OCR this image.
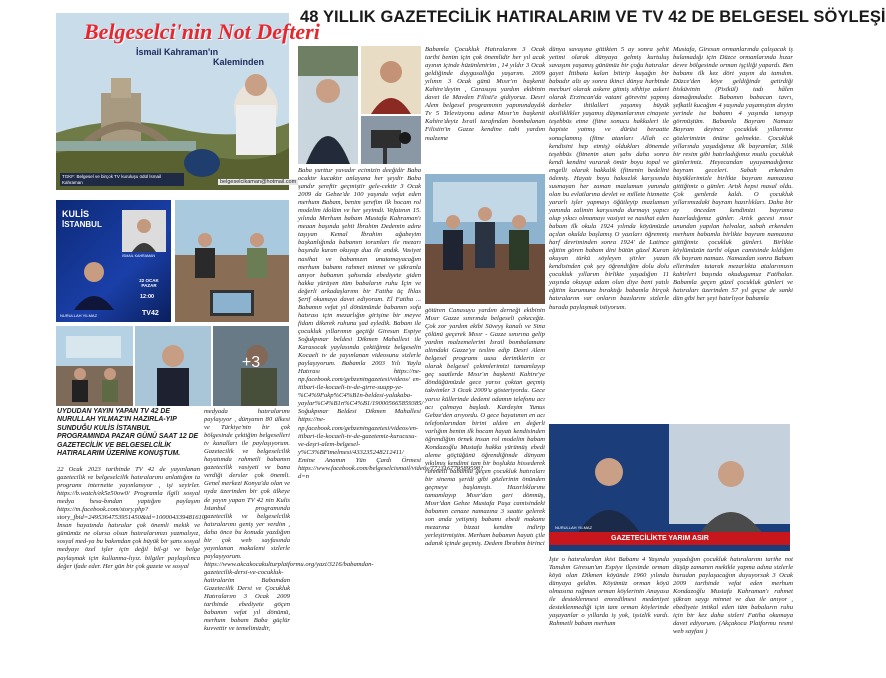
48 YILLIK GAZETECİLİK HATIRALARIM VE TV 42 DE BELGESEL SÖYLEŞİ
Belgeselci'nin Not Defteri
İsmail Kahraman'ın
Kaleminden
TGKF: Belgesel ve birçok TV kuruluşu ödül İsmail Kahraman	belgeselcikaman@hotmail.com
KULİS
İSTANBUL
İSMAİL KAHRAMAN
22 OCAK PAZAR
12:00
NURULLAH YILMAZ	TV42
+3
NURULLAH YILMAZ
GAZETECİLİKTE YARIM ASIR
UYDUDAN YAYIN YAPAN TV 42 DE NURULLAH YILMAZ'IN HAZIRLA-YIP SUNDUĞU KULİS İSTANBUL PROGRAMINDA PAZAR GÜNÜ SAAT 12 DE GAZETECİLİK VE BELGESELCİLİK HATIRALARIM ÜZERİNE KONUŞTUM.

22 Ocak 2023 tarihinde TV 42 de yayınlanan gazetecilik ve belgeselcilik hatıralarımı anlattığım ta programı internette yayınlanıyor , işi seyirler. https://b.watch/ek5e50ow0/ Programla ilgili sosyal medya hesa-bından yaptığım paylaşım https://m.facebook.com/story.php?story_fbid=2495364753951450&id=100004339481610 İnsan hayatında hatıralar çok önemli mekik ve günümüz ne olursa olsun hatıralarımızı yazmalıyız, sosyal med-ya bu bakımdan çok büyük bir şans sosyal medyayı özel işler için değil bil-gi ve belge paylaşmak için kullanma-lıyız. bilgiler paylaşılınca değer ifade eder. Her gün bir çok gazete ve sosyal

medyada hatıralarımı paylaşıyor , dünyanın 80 ülkesi ve Türkiye'nin bir çok bölgesinde çektiğim belgeselleri tv kanalları ile paylaşıyorum. Gazetecilik ve belgeselcilik hayatımda rahmetli babamın gazetecilik vasiyeti ve bana verdiği dersler çok önemli. Genel merkezi Konya'da olan ve uyda üzerinden bir çok ülkeye de yayın yapan TV 42 nin Kulis İstanbul programında gazetecilik ve belgeselcilik hatıralarımı geniş yer verdim , daha önce bu konuda yazdığım bir çok web sayfasında yayınlanan makalemi sizlerle paylaşıyorum. https://www.akcakocakulturplatformu.org/yazi/3216/babamdan-gazetecilik-dersi-ve-cocukluk-hatiralarim Babamdan Gazetecilik Dersi ve Çocukluk Hatıralarım 3 Ocak 2009 tarihinde ebediyete göçen babamın vefat yıl dönümü, merhum babam Baba güçlür kuvvettir ve temelimizdir,

Baba yurttur yuvadır ecimizin deeğidir Baba ocaktır kucaktır anlayana her şeydir Baba şandır şereftir geçmiştir gele-cektir 3 Ocak 2009 da Gebze'de 100 yaşında vefat eden merhum Babam, benim şerefim ilk hocam rol modelim idolüm ve her şeyimdi. Vefatının 15. yılında Merhum babam Mustafa Kahraman'ı meaan başında şehit İbrahim Dedemin adını taşıyan Kemal İbrahim ağabeyim başkanlığında babamın torunları ile mezarı başında kuran okuyup dua ile andık. Vasiyet nasihat ve babamızın unutamayacağım merhum babamı rahmet minnet ve şükranla anıyor babamın şahsında ebediyete giden hakka yürüyen tüm babaların ruhu İçin ve değerli arkadaşlarımı bir Fatiha üç İhlas Şerif okumaya davet ediyorum. El Fatiha ... Babamın vefat yıl dönümünde babamın sofa hatırası için mezarlığın girişine bir meyve fidanı dikerek ruhunu şad eyledik. Babam ile çocukluk yıllarımın geçtiği Giresun Espiye Soğukpınar beldesi Dikmen Mahallesi ile Karasocak yaylasında çektiğimiz belgeselin Kocaeli tv de yayınlanan videosunu sizlerle paylaşıyorum. Babamla 2003 Yılı Yayla Hatırası https://ne-np.facebook.com/gebzeningazetesi/videos/ en-itibari-ile-kocaeli-tv-de-girre-suupp-ye-%C4%9Fukp%C4%B1n-beldesi-yalakaba-yaylar%C4%B1n%C4%B1/190005665859385/ Soğukpınar Beldesi Dikmen Mahallesi https://ne-np.facebook.com/gebzeningazetesi/videos/en-itibari-ile-kocaeli-tv-de-gazetemiz-kurucusu-ve-deşri-alem-belgesel-y%C3%BFtmelmesi/433235248212411/ Emine Anamın Yün Çardı Örmesi https://www.facebook.com/belgeselcismail/videos/772316779589598?d=n

Babamla Çocukluk Hatıralarım 3 Ocak tarihi benim için çok önemlidir her yıl acak ayının içinde hüzünlenirim , 14 yıldır 3 Ocak geldiğinde duygusallığa yaşarım. 2009 yılının 3 Ocak günü Mısır'ın başkenti Kahire'deyim , Carasuyu yardım ekibinin davet ile Mavden Filisti'e gidiyoruz. Desri Alem belgesel programının yapımındaydık Tv 5 Televizyonu adına Mısır'ın başkenti Kahire'deyiz İsrail tarafından bombalanan Filistin'in Gazze kendine tabi yardım malzeme

götüren Canasuyu yardım derneği ekibinin Mısır Gazze sınırında belgeseli çekeceğiz. Çok zor yardım ekibi Süveyş kanalı ve Sina çölünü geçerek Mısır - Gazze sınırına gelip yardım malzemelerini İsrail bombalamanı altındaki Gazze'ye teslim edip Desri Alem belgesel programı uusu deriniklerin cı olarak belgesel çekimlerimizi tamamlayıp geç saatlerde Mısır'ın başkenti Kahire'ye döndüğümüzde gece yarısı çoktan geçmiş takvimler 3 Ocak 2009'u gösteriyordu. Gece yarısı küllerinde dedemi odamın telefonu acı acı çalmaya başladı. Kardeşim Yunus Gebze'den arıyordu. O gece hayatımın en acı telefonlarından birini aldım en değerli varlığım benim ilk hocam hayatı kendisinden öğrendiğim örnek insan rol modelim babam Kondazoğlu Mustafa hakka yürümüş ebedi aleme göçtüğünü öğrendiğimde dünyam yıkılmış kendimi tam bir boşlukta hissederek rahmetli babamla geçen çocukluk hatıraları bir sinema şeridi gibi gözlerinin önünden geçmeye başlamıştı. Hazırlıklarımı tamamlayıp Mısır'dan geri dönmüş, Mısır'dan Gebze Mustafa Paşa camisindeki babamın cenaze namazına 3 saatte gelerek son anda yetişmiş babamı ebedi makamı mezarına bizzat kendim indirip yerleştirmiştim. Merhum babamın hayatı çile adanık içinde geçmiş. Dedem İbrahim birinci

dünya savaşına gittikten 5 ay sonra şehit yetimi olarak dünyaya gelmiş kurtuluş savaşını yaşamış günümüz bir çoğu hatıralar gayet İttibata kalan bitirip kuşağın bir babadır altı ay sonra ikinci dünya harbinde mecburi olarak askere gitmiş sihhiye askeri olarak Erzincan'da vatani görevini yapmış darbeler ihtilalleri yaşamış büyük aksiliklikler yaşamış düşmanlarının cinayete teşebbüs etme (fitne sonucu hakkaleri ile hapiste yatmış ve dürüst beraatte sonuçlanmış (fitne atanları Allah cc kendisini hep etmiş) oldukları dönemde teşebbüs (fitnenin atan şahs daha sonra kendi kendini vurarak ömür boyu topal ve engelli olarak hakkalik (fitnenin bedelini ödemiş. Hayatı boyu haksızlık karşısında susmayan her zaman mazlumun yanında olan bu evlatlarına devlet ve millete hizmette yararlı işler yapmayı öğütleyip mazlumun yanında zalimin karşısında durmayı yapıcı olup yıkıcı olmamayı vasiyet ve nasihat eden babam ilk okula 1924 yılında köyümüzde açılan okulda başlamış O yazıları öğrenmiş harf devriminden sonra 1924' de Latince eğitim gören babam dini bütün güzel Kuran okuyan türkü söyleyen şiirler yazan kendisinden çok şey öğrendiğim dolu dolu çocukluk yıllarım birlikte yaşadığım 11 yaşında okuyup adam olun diye beni yatılı eğitim kurumuna bıraktığı babamla birçok hatıralarım var onların bazılarını sizlerle burada paylaşmak istiyorum.

İşte o hatıralardan ikisi Babamı 4 Yaşında Tanıdım Giresun'un Espiye ilçesinde orman köyü olan Dikmen köyünde 1960 yılında dünyaya geldim. Köyümüz orman köyü olmasına rağmen orman köylerinin Anayasa ile desteklenmesi emredilmesi medeniyet desteklenmediği için tam orman köylerinde yaşayanlar o yıllarda iş yok, işsizlik vardı. Rahmetli babam merhum

Mustafa, Giresun ormanlarında çalışacak iş bulamadığı için Düzce ormanlarında hızar devre bölgesinde orman işçiliği yapardı. Ben babamı ilk kez dört yaşım da tanıdım. Düzce'den köye geldiğinde getirdiği bisküvinin (Pisikül) tadı hâlen damağımdadır. Babamın babacan tavrı, şefkatli kucağını 4 yaşında yaşamıştım deyim yerinde ise babamı 4 yaşında tanıyıp görmüştüm. Babamla Bayram Namazı Bayram deyince çocukluk yıllarımız gözlerimizin önüne gelmekte. Çocukluk yıllarında yaşadığımız ilk bayramlar, Silik bir resim gibi hatırladığımız mutlu çocukluk günlerimiz. Heyecandan uyuyamadığımız bayram geceleri. Sabah erkenden büyüklerimizle birlikte bayram namazına gittiğimiz o günler. Artık hepsi masal oldu. Çok genlerde kaldı. O çocukluk yıllarımızdaki bayram hazırlıkları. Daha bir ay önceden kendimizi bayrama hazırladığımız günler. Artık gecesi mısır unundan yapılan helvalar, sabah erkenden merhum babamla birlikte bayram namazına gittiğimiz çocukluk günleri. Birlikte köylümüzün tarihi olgun camisinde kıldığım ilk bayram namazı. Namazdan sonra Babam ellerinden tutarak mezarlıkta atalarımızın kabirleri başında okudugumuz Fatihalar. Babamla geçen güzel çocukluk günleri ve hatıraları üzerinden 57 yıl geçse de sanki dün gibi her şeyi hatırlıyor babamla

yaşadığım çocukluk hatıralarımı tarihe not düşüp zamanın mekikle yapma adına sizlerle burudan paylaşacağım duyuyorsak 3 Ocak 2009 tarihinde vefat eden merhum Kondazoğlu Mustafa Kahraman'ı rahmet şükran saygı minnet ve dua ile anıyor , ebediyete intikal eden tüm babaların ruhu için bir kez daha sizleri Fatiha okumaya davet ediyorum. (Akçakoca Platformu resmi web sayfası )
